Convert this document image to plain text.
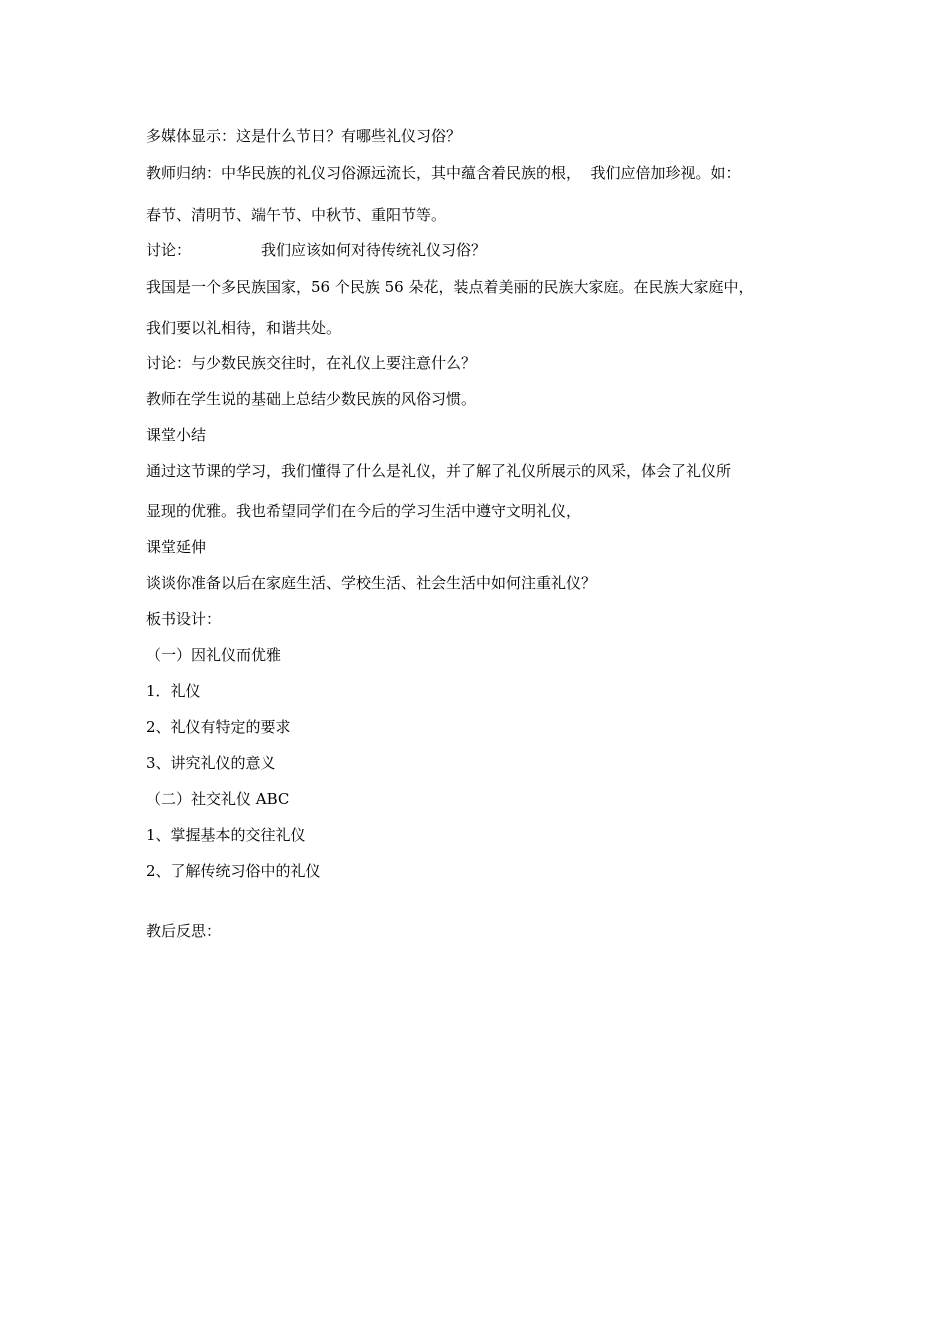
多媒体显示：这是什么节日？有哪些礼仪习俗？

教师归纳：中华民族的礼仪习俗源远流长，其中蕴含着民族的根，  我们应倍加珍视。如：

春节、清明节、端午节、中秋节、重阳节等。

讨论：	我们应该如何对待传统礼仪习俗？

我国是一个多民族国家，56 个民族 56 朵花，装点着美丽的民族大家庭。在民族大家庭中，

我们要以礼相待，和谐共处。

讨论：与少数民族交往时，在礼仪上要注意什么？

教师在学生说的基础上总结少数民族的风俗习惯。

课堂小结

通过这节课的学习，我们懂得了什么是礼仪，并了解了礼仪所展示的风采，体会了礼仪所

显现的优雅。我也希望同学们在今后的学习生活中遵守文明礼仪，

课堂延伸

谈谈你准备以后在家庭生活、学校生活、社会生活中如何注重礼仪？

板书设计：

（一）因礼仪而优雅

1．礼仪

2、礼仪有特定的要求

3、讲究礼仪的意义

（二）社交礼仪 ABC

1、掌握基本的交往礼仪

2、了解传统习俗中的礼仪

教后反思：
